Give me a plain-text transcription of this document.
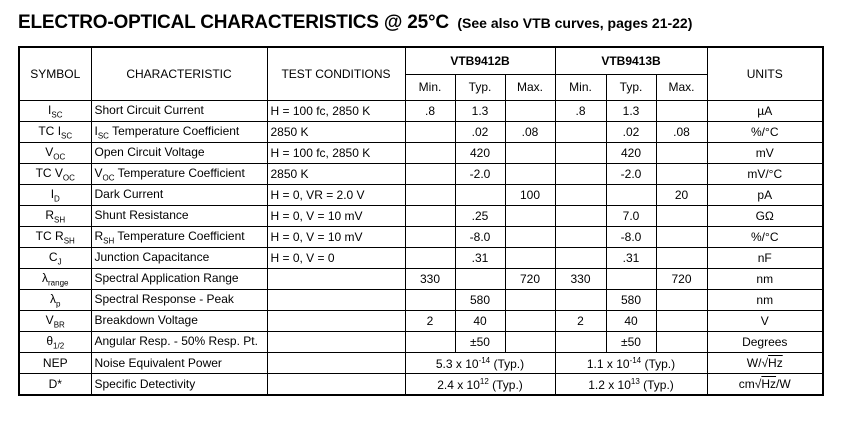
ELECTRO-OPTICAL CHARACTERISTICS @ 25°C (See also VTB curves, pages 21-22)
SYMBOL	CHARACTERISTIC	TEST CONDITIONS	VTB9412B			VTB9413B			UNITS
			Min.	Typ.	Max.	Min.	Typ.	Max.	
$I_{SC}$	Short Circuit Current	H = 100 fc, 2850 K	.8	1.3		.8	1.3		µA
TC $I_{SC}$	$I_{SC}$ Temperature Coefficient	2850 K		.02	.08		.02	.08	%/°C
$V_{OC}$	Open Circuit Voltage	H = 100 fc, 2850 K		420			420		mV
TC $V_{OC}$	$V_{OC}$ Temperature Coefficient	2850 K		-2.0			-2.0		mV/°C
$I_D$	Dark Current	H = 0, VR = 2.0 V			100			20	pA
$R_{SH}$	Shunt Resistance	H = 0, V = 10 mV		.25			7.0		GΩ
TC $R_{SH}$	$R_{SH}$ Temperature Coefficient	H = 0, V = 10 mV		-8.0			-8.0		%/°C
$C_J$	Junction Capacitance	H = 0, V = 0		.31			.31		nF
$\lambda_{range}$	Spectral Application Range		330		720	330		720	nm
$\lambda_p$	Spectral Response - Peak			580			580		nm
$V_{BR}$	Breakdown Voltage		2	40		2	40		V
$\theta_{1/2}$	Angular Resp. - 50% Resp. Pt.			±50			±50		Degrees
NEP	Noise Equivalent Power		5.3 x $10^{-14}$ (Typ.)			1.1 x $10^{-14}$ (Typ.)			W/√Hz
D*	Specific Detectivity		2.4 x $10^{12}$ (Typ.)			1.2 x $10^{13}$ (Typ.)			cm√Hz/W
